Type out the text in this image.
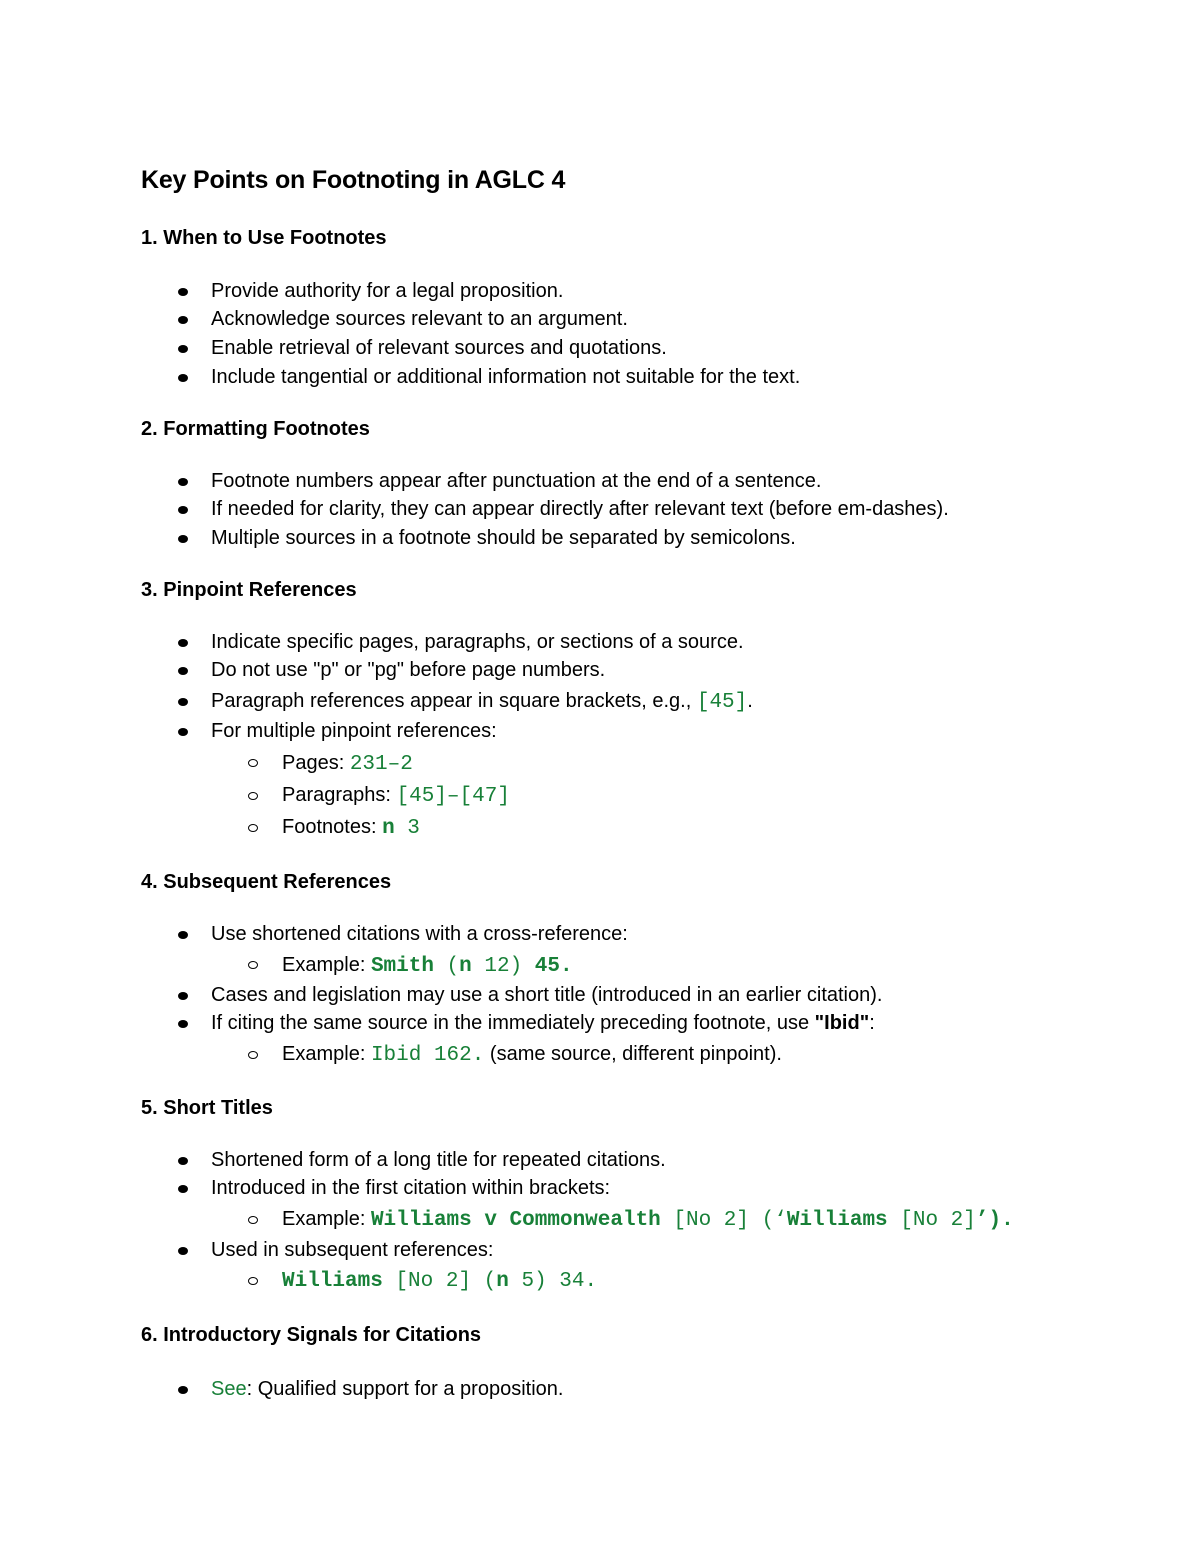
Key Points on Footnoting in AGLC 4
1. When to Use Footnotes
Provide authority for a legal proposition.
Acknowledge sources relevant to an argument.
Enable retrieval of relevant sources and quotations.
Include tangential or additional information not suitable for the text.
2. Formatting Footnotes
Footnote numbers appear after punctuation at the end of a sentence.
If needed for clarity, they can appear directly after relevant text (before em-dashes).
Multiple sources in a footnote should be separated by semicolons.
3. Pinpoint References
Indicate specific pages, paragraphs, or sections of a source.
Do not use "p" or "pg" before page numbers.
Paragraph references appear in square brackets, e.g., [45].
For multiple pinpoint references:
Pages: 231–2
Paragraphs: [45]–[47]
Footnotes: n 3
4. Subsequent References
Use shortened citations with a cross-reference:
Example: Smith (n 12) 45.
Cases and legislation may use a short title (introduced in an earlier citation).
If citing the same source in the immediately preceding footnote, use "Ibid":
Example: Ibid 162. (same source, different pinpoint).
5. Short Titles
Shortened form of a long title for repeated citations.
Introduced in the first citation within brackets:
Example: Williams v Commonwealth [No 2] (‘Williams [No 2]’).
Used in subsequent references:
Williams [No 2] (n 5) 34.
6. Introductory Signals for Citations
See: Qualified support for a proposition.
